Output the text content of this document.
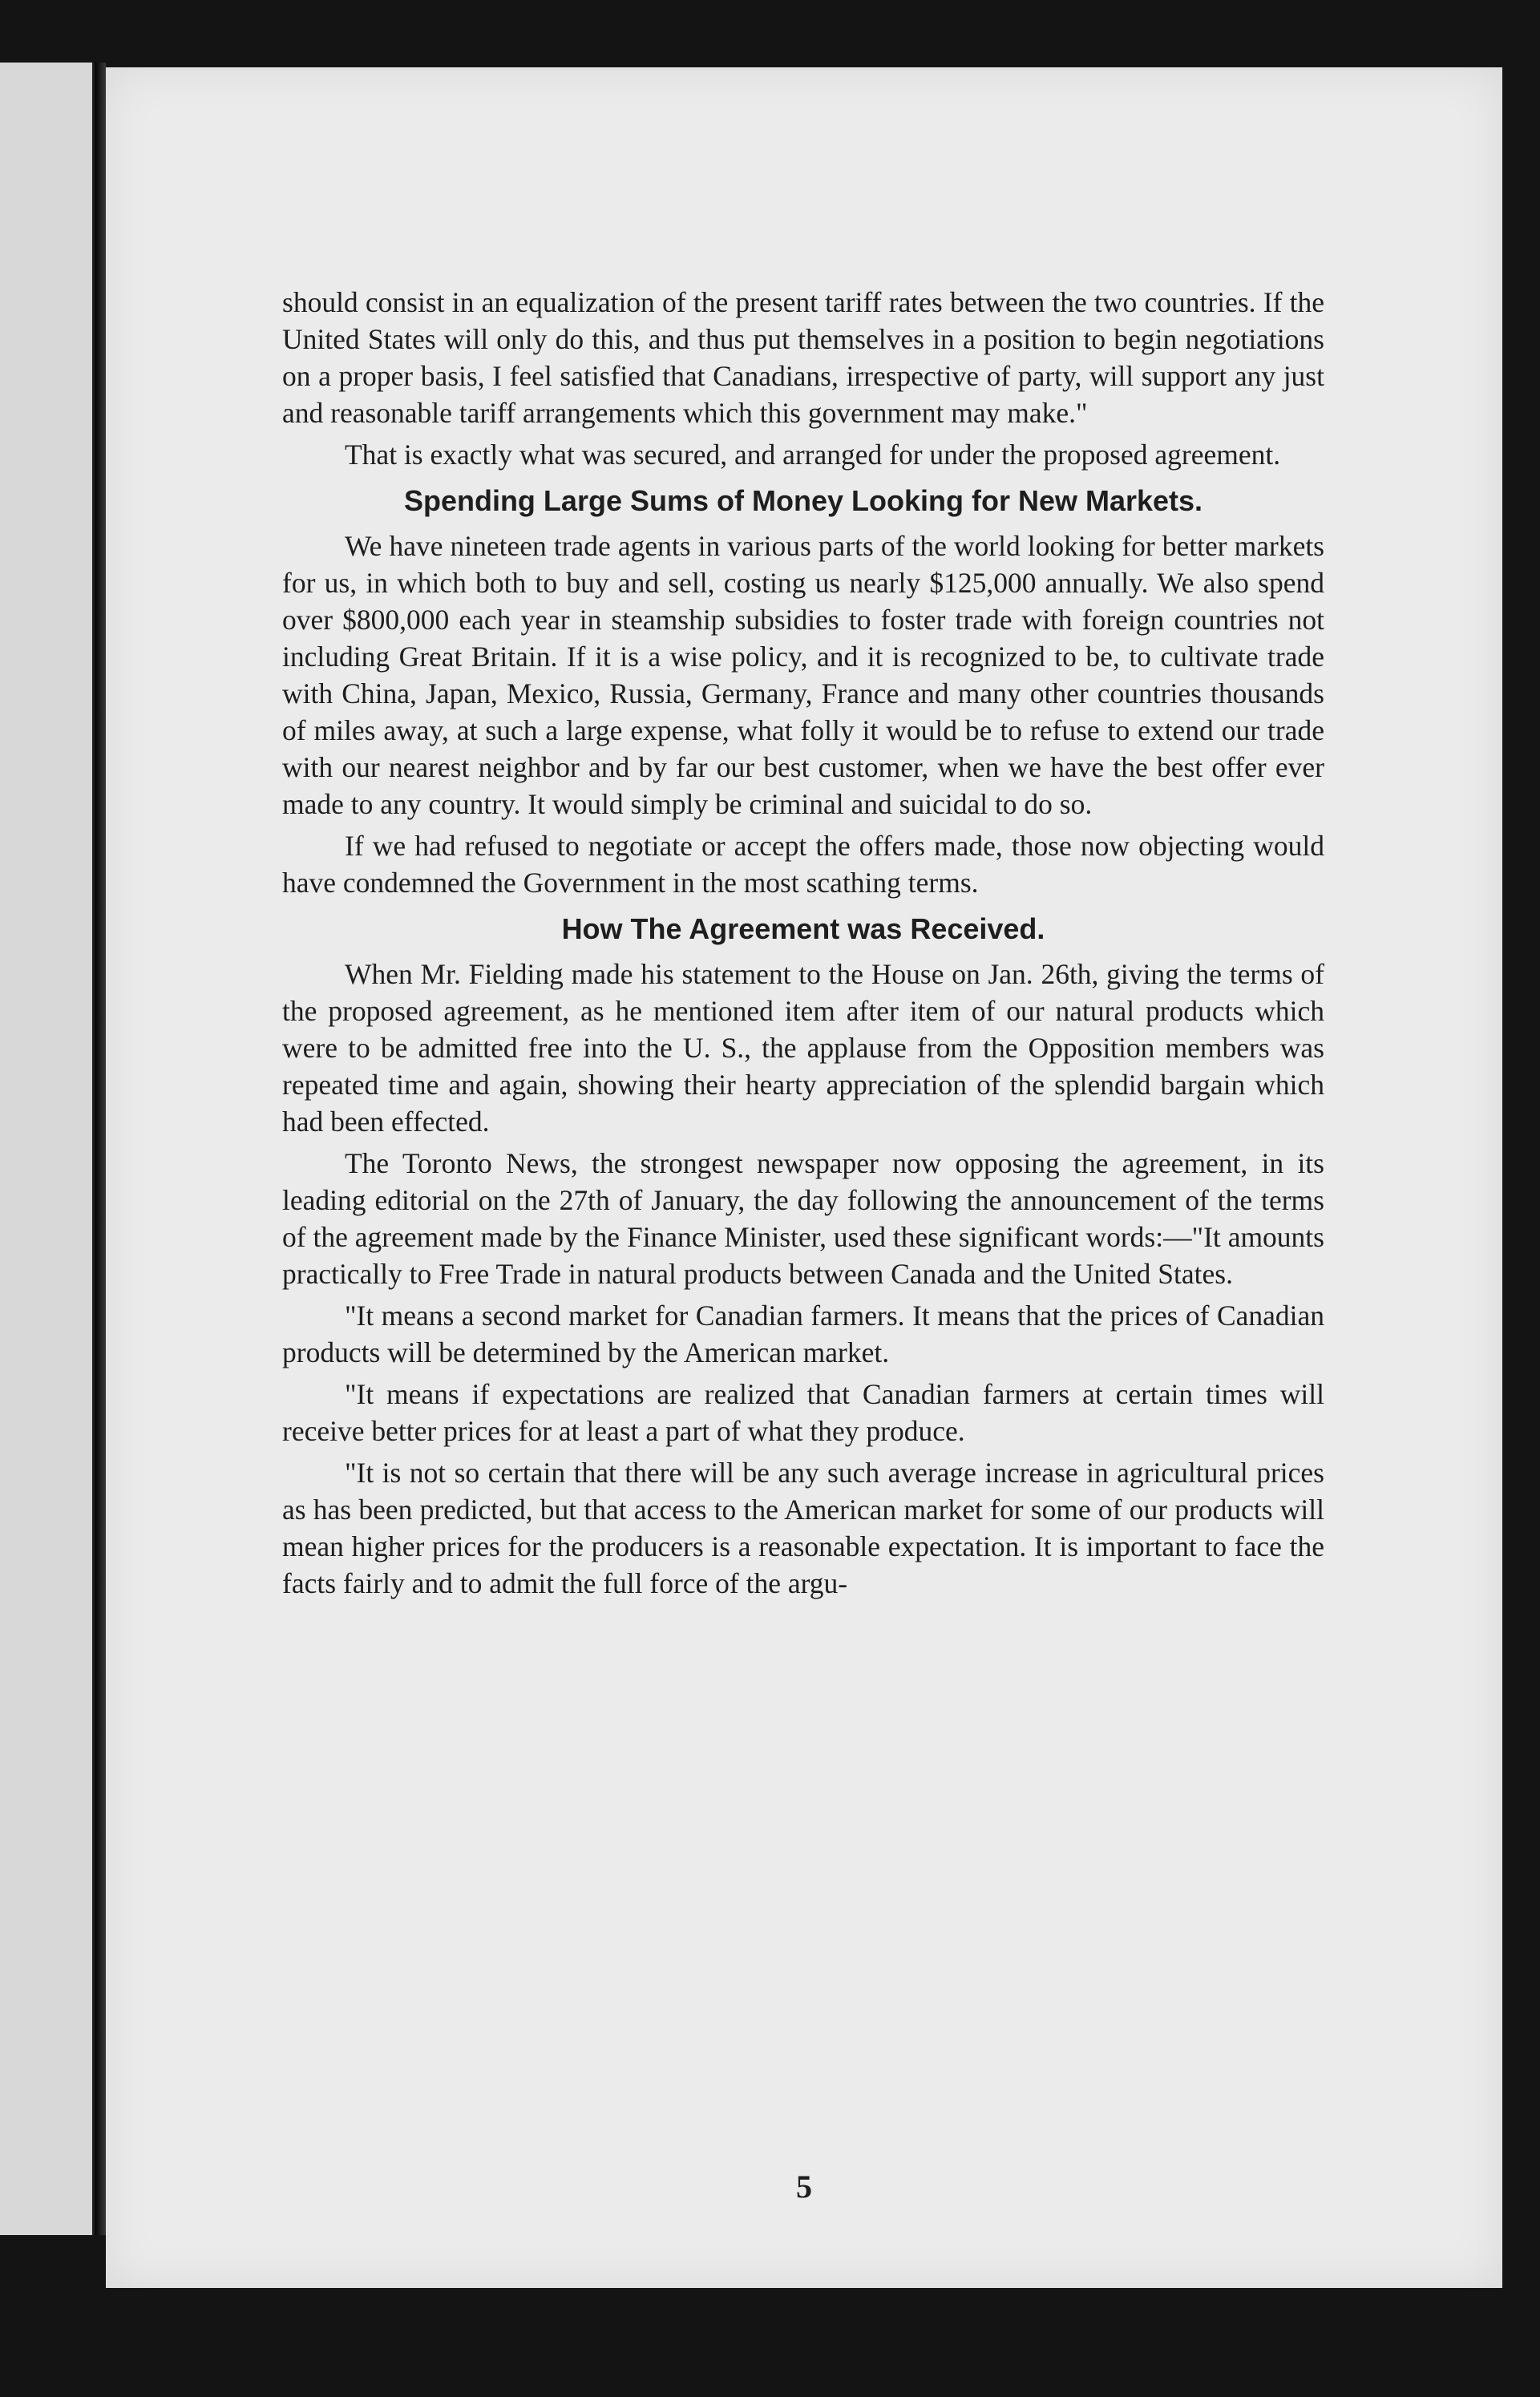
should consist in an equalization of the present tariff rates between the two countries. If the United States will only do this, and thus put themselves in a position to begin negotiations on a proper basis, I feel satisfied that Canadians, irrespective of party, will support any just and reasonable tariff arrangements which this government may make."

That is exactly what was secured, and arranged for under the proposed agreement.

Spending Large Sums of Money Looking for New Markets.

We have nineteen trade agents in various parts of the world looking for better markets for us, in which both to buy and sell, costing us nearly $125,000 annually. We also spend over $800,000 each year in steamship subsidies to foster trade with foreign countries not including Great Britain. If it is a wise policy, and it is recognized to be, to cultivate trade with China, Japan, Mexico, Russia, Germany, France and many other countries thousands of miles away, at such a large expense, what folly it would be to refuse to extend our trade with our nearest neighbor and by far our best customer, when we have the best offer ever made to any country. It would simply be criminal and suicidal to do so.

If we had refused to negotiate or accept the offers made, those now objecting would have condemned the Government in the most scathing terms.

How The Agreement was Received.

When Mr. Fielding made his statement to the House on Jan. 26th, giving the terms of the proposed agreement, as he mentioned item after item of our natural products which were to be admitted free into the U. S., the applause from the Opposition members was repeated time and again, showing their hearty appreciation of the splendid bargain which had been effected.

The Toronto News, the strongest newspaper now opposing the agreement, in its leading editorial on the 27th of January, the day following the announcement of the terms of the agreement made by the Finance Minister, used these significant words:—"It amounts practically to Free Trade in natural products between Canada and the United States.

"It means a second market for Canadian farmers. It means that the prices of Canadian products will be determined by the American market.

"It means if expectations are realized that Canadian farmers at certain times will receive better prices for at least a part of what they produce.

"It is not so certain that there will be any such average increase in agricultural prices as has been predicted, but that access to the American market for some of our products will mean higher prices for the producers is a reasonable expectation. It is important to face the facts fairly and to admit the full force of the argu-

5
